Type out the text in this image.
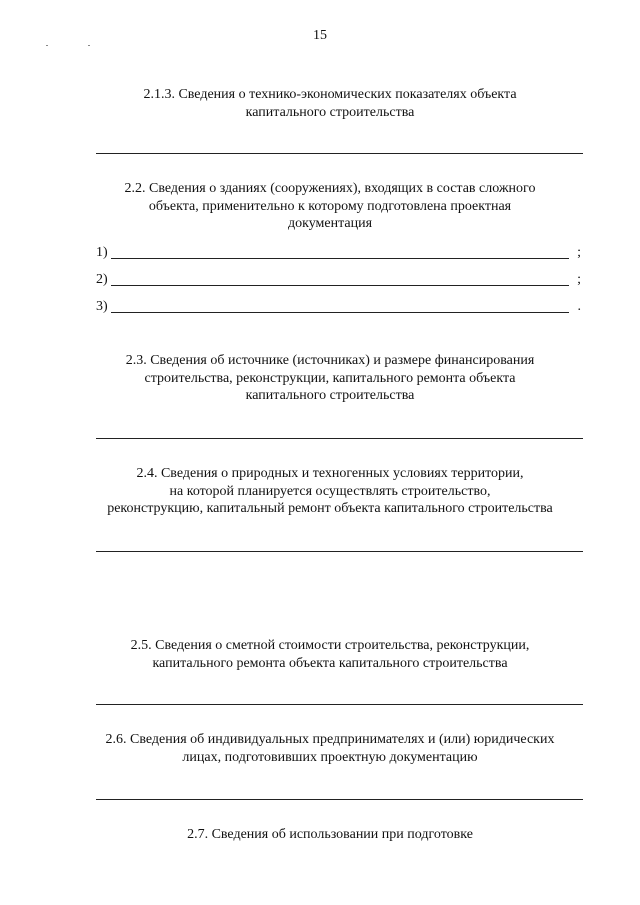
15
2.1.3. Сведения о технико-экономических показателях объекта
капитального строительства
2.2. Сведения о зданиях (сооружениях), входящих в состав сложного
объекта, применительно к которому подготовлена проектная
документация
1)	;
2)	;
3)	.
2.3. Сведения об источнике (источниках) и размере финансирования
строительства, реконструкции, капитального ремонта объекта
капитального строительства
2.4. Сведения о природных и техногенных условиях территории,
на которой планируется осуществлять строительство,
реконструкцию, капитальный ремонт объекта капитального строительства
2.5. Сведения о сметной стоимости строительства, реконструкции,
капитального ремонта объекта капитального строительства
2.6. Сведения об индивидуальных предпринимателях и (или) юридических
лицах, подготовивших проектную документацию
2.7. Сведения об использовании при подготовке
